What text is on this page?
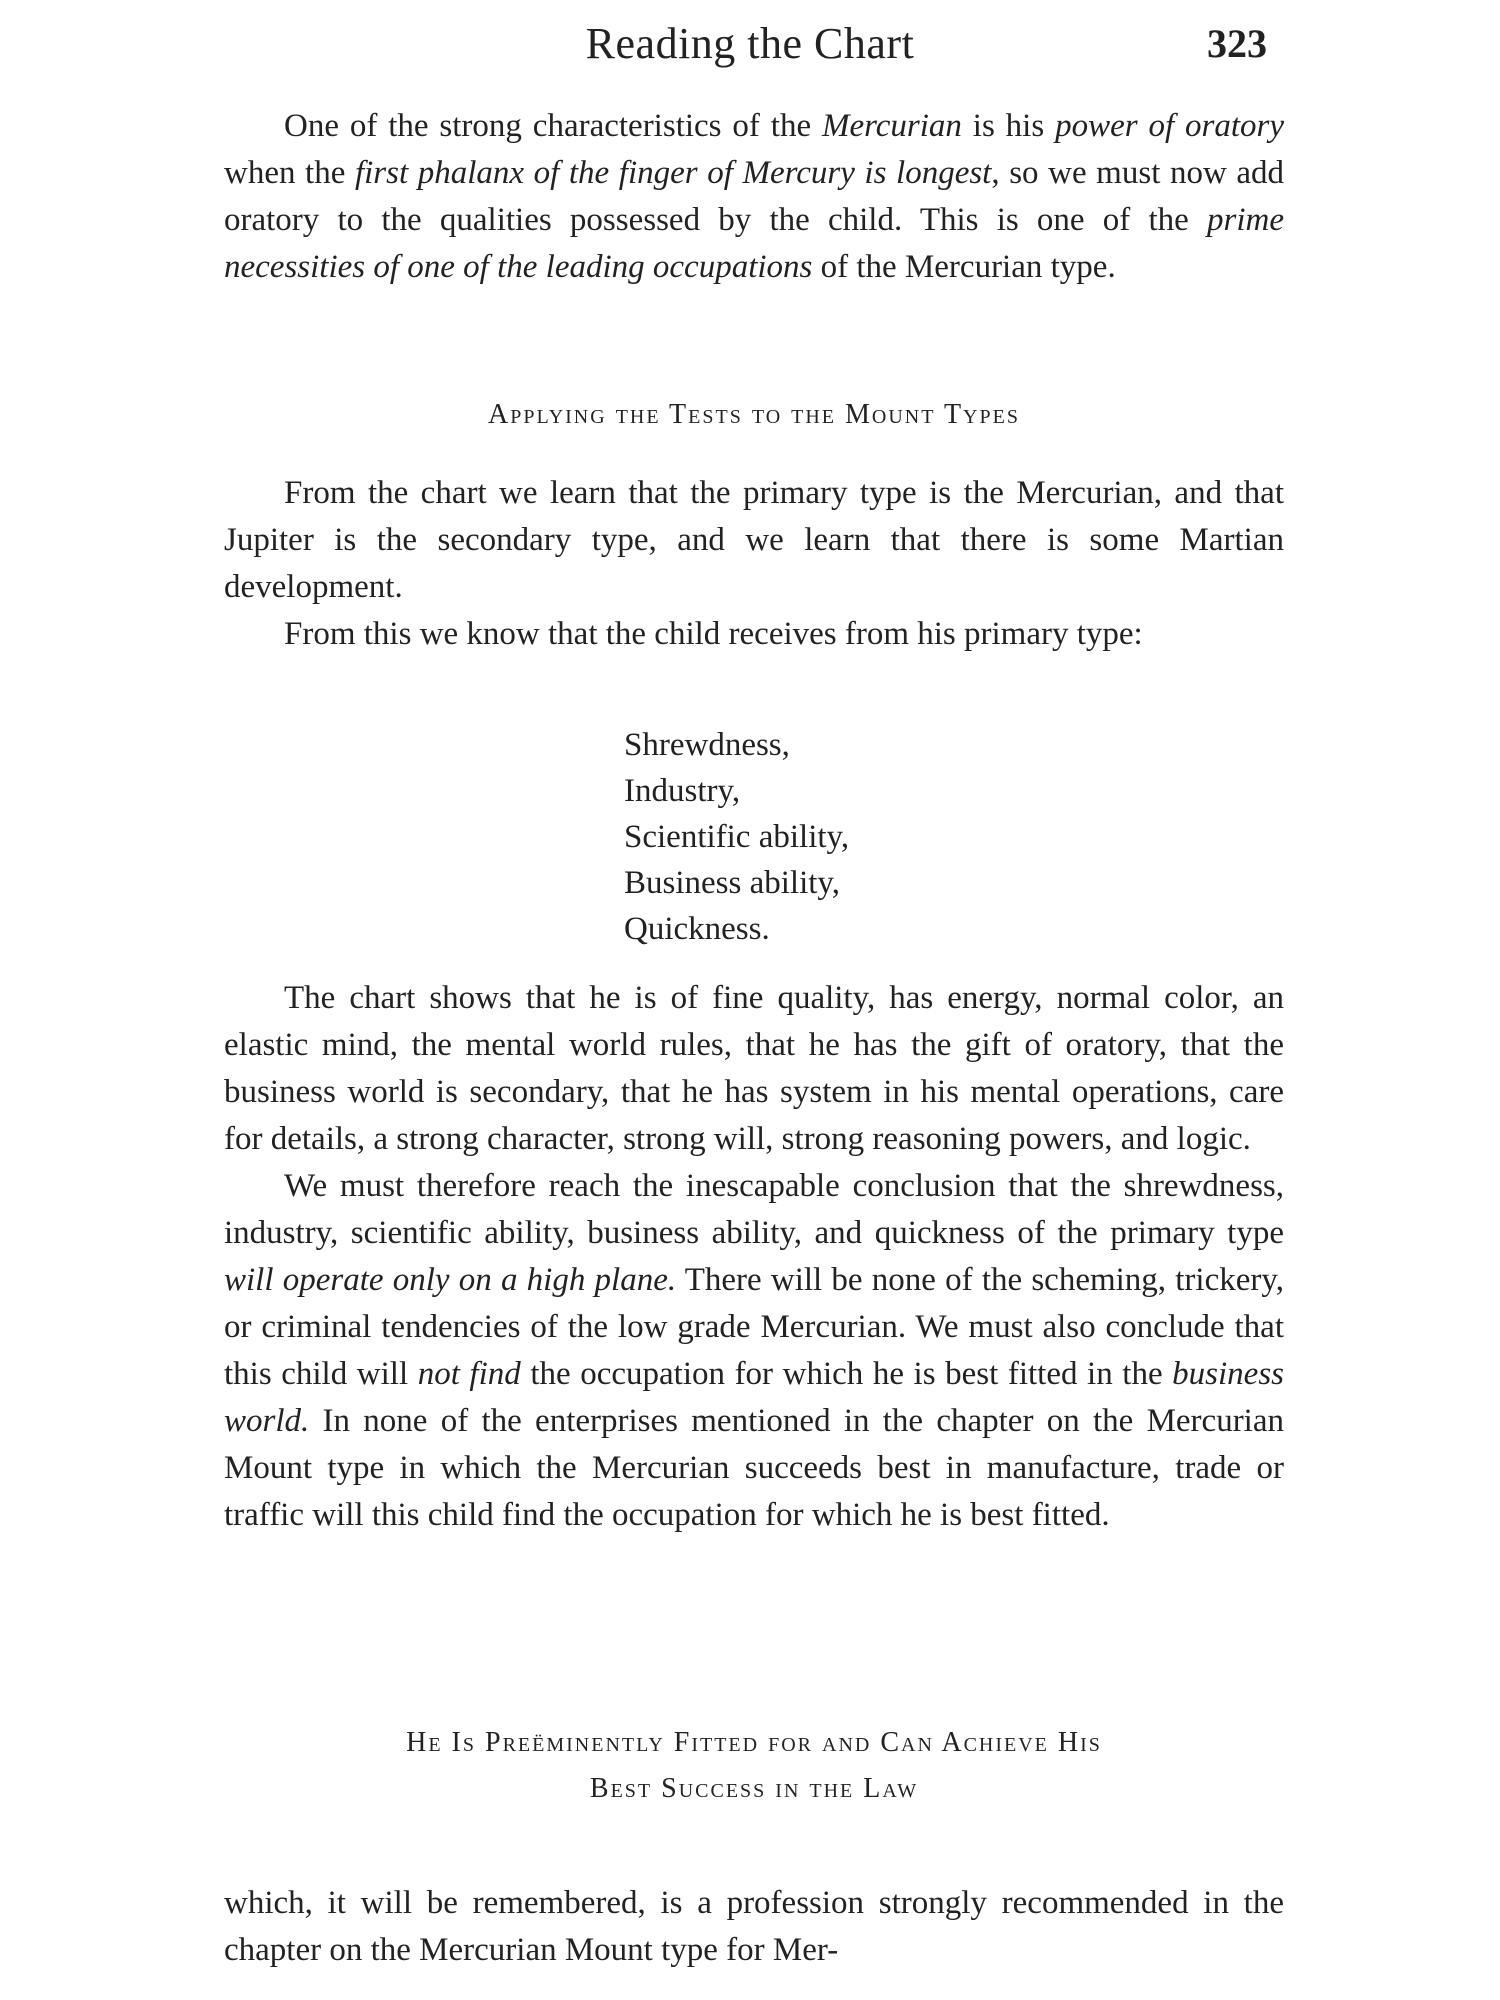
Reading the Chart	323

One of the strong characteristics of the Mercurian is his power of oratory when the first phalanx of the finger of Mercury is longest, so we must now add oratory to the qualities possessed by the child. This is one of the prime necessities of one of the leading occupations of the Mercurian type.

Applying the Tests to the Mount Types

From the chart we learn that the primary type is the Mercurian, and that Jupiter is the secondary type, and we learn that there is some Martian development.

From this we know that the child receives from his primary type:

Shrewdness,
Industry,
Scientific ability,
Business ability,
Quickness.

The chart shows that he is of fine quality, has energy, normal color, an elastic mind, the mental world rules, that he has the gift of oratory, that the business world is secondary, that he has system in his mental operations, care for details, a strong character, strong will, strong reasoning powers, and logic.

We must therefore reach the inescapable conclusion that the shrewdness, industry, scientific ability, business ability, and quickness of the primary type will operate only on a high plane. There will be none of the scheming, trickery, or criminal tendencies of the low grade Mercurian. We must also conclude that this child will not find the occupation for which he is best fitted in the business world. In none of the enterprises mentioned in the chapter on the Mercurian Mount type in which the Mercurian succeeds best in manufacture, trade or traffic will this child find the occupation for which he is best fitted.

He Is Preëminently Fitted for and Can Achieve His
Best Success in the Law

which, it will be remembered, is a profession strongly recommended in the chapter on the Mercurian Mount type for Mer-
